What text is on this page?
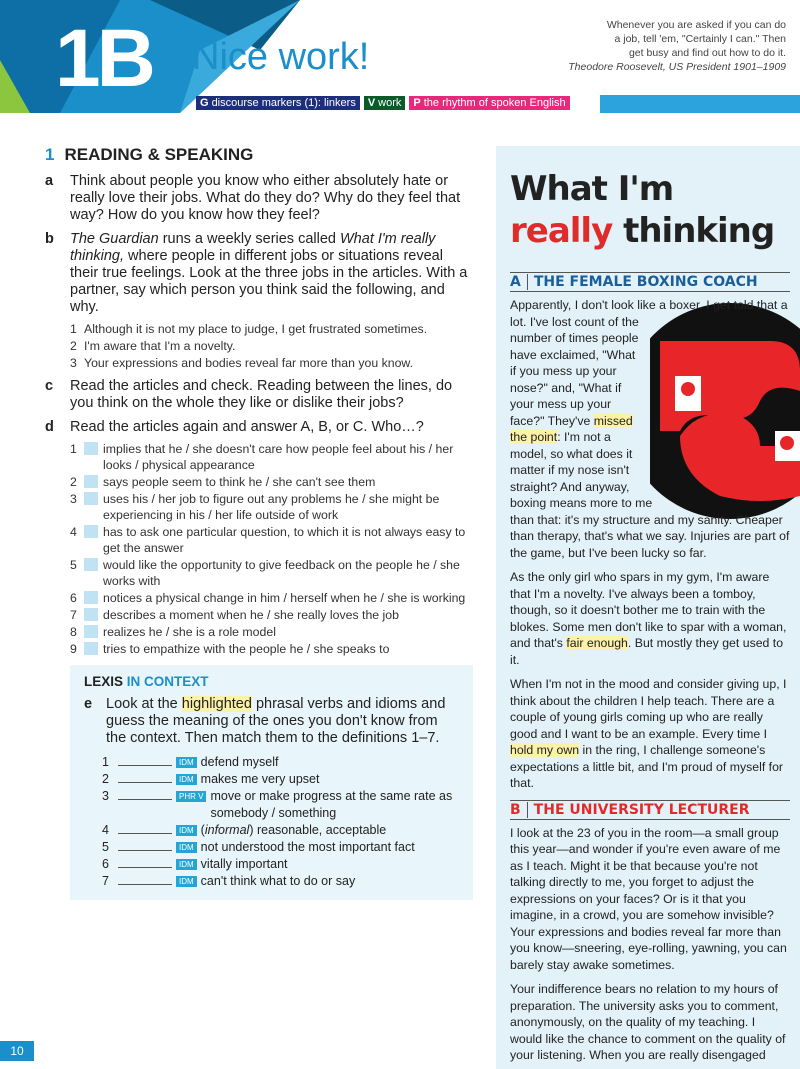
1B Nice work!
Whenever you are asked if you can do
a job, tell 'em, "Certainly I can." Then
get busy and find out how to do it.
Theodore Roosevelt, US President 1901–1909
G discourse markers (1): linkers	V work	P the rhythm of spoken English
1 READING & SPEAKING
a	Think about people you know who either absolutely hate or really love their jobs. What do they do? Why do they feel that way? How do you know how they feel?
b	The Guardian runs a weekly series called What I'm really thinking, where people in different jobs or situations reveal their true feelings. Look at the three jobs in the articles. With a partner, say which person you think said the following, and why.
1 Although it is not my place to judge, I get frustrated sometimes.
2 I'm aware that I'm a novelty.
3 Your expressions and bodies reveal far more than you know.
c	Read the articles and check. Reading between the lines, do you think on the whole they like or dislike their jobs?
d	Read the articles again and answer A, B, or C. Who…?
1	implies that he / she doesn't care how people feel about his / her looks / physical appearance
2	says people seem to think he / she can't see them
3	uses his / her job to figure out any problems he / she might be experiencing in his / her life outside of work
4	has to ask one particular question, to which it is not always easy to get the answer
5	would like the opportunity to give feedback on the people he / she works with
6	notices a physical change in him / herself when he / she is working
7	describes a moment when he / she really loves the job
8	realizes he / she is a role model
9	tries to empathize with the people he / she speaks to
LEXIS IN CONTEXT
e Look at the highlighted phrasal verbs and idioms and guess the meaning of the ones you don't know from the context. Then match them to the definitions 1–7.
1	IDM defend myself
2	IDM makes me very upset
3	PHR V move or make progress at the same rate as somebody / something
4	IDM (informal) reasonable, acceptable
5	IDM not understood the most important fact
6	IDM vitally important
7	IDM can't think what to do or say
What I'm
really thinking
A THE FEMALE BOXING COACH

Apparently, I don't look like a boxer. I get told that a lot. I've lost count of the number of times people have exclaimed, "What if you mess up your nose?" and, "What if your mess up your face?" They've missed the point: I'm not a model, so what does it matter if my nose isn't straight? And anyway, boxing means more to me than that: it's my structure and my sanity. Cheaper than therapy, that's what we say. Injuries are part of the game, but I've been lucky so far.

As the only girl who spars in my gym, I'm aware that I'm a novelty. I've always been a tomboy, though, so it doesn't bother me to train with the blokes. Some men don't like to spar with a woman, and that's fair enough. But mostly they get used to it.

When I'm not in the mood and consider giving up, I think about the children I help teach. There are a couple of young girls coming up who are really good and I want to be an example. Every time I hold my own in the ring, I challenge someone's expectations a little bit, and I'm proud of myself for that.

B THE UNIVERSITY LECTURER

I look at the 23 of you in the room—a small group this year—and wonder if you're even aware of me as I teach. Might it be that because you're not talking directly to me, you forget to adjust the expressions on your faces? Or is it that you imagine, in a crowd, you are somehow invisible? Your expressions and bodies reveal far more than you know—sneering, eye-rolling, yawning, you can barely stay awake sometimes.

Your indifference bears no relation to my hours of preparation. The university asks you to comment, anonymously, on the quality of my teaching. I would like the chance to comment on the quality of your listening. When you are really disengaged

10
